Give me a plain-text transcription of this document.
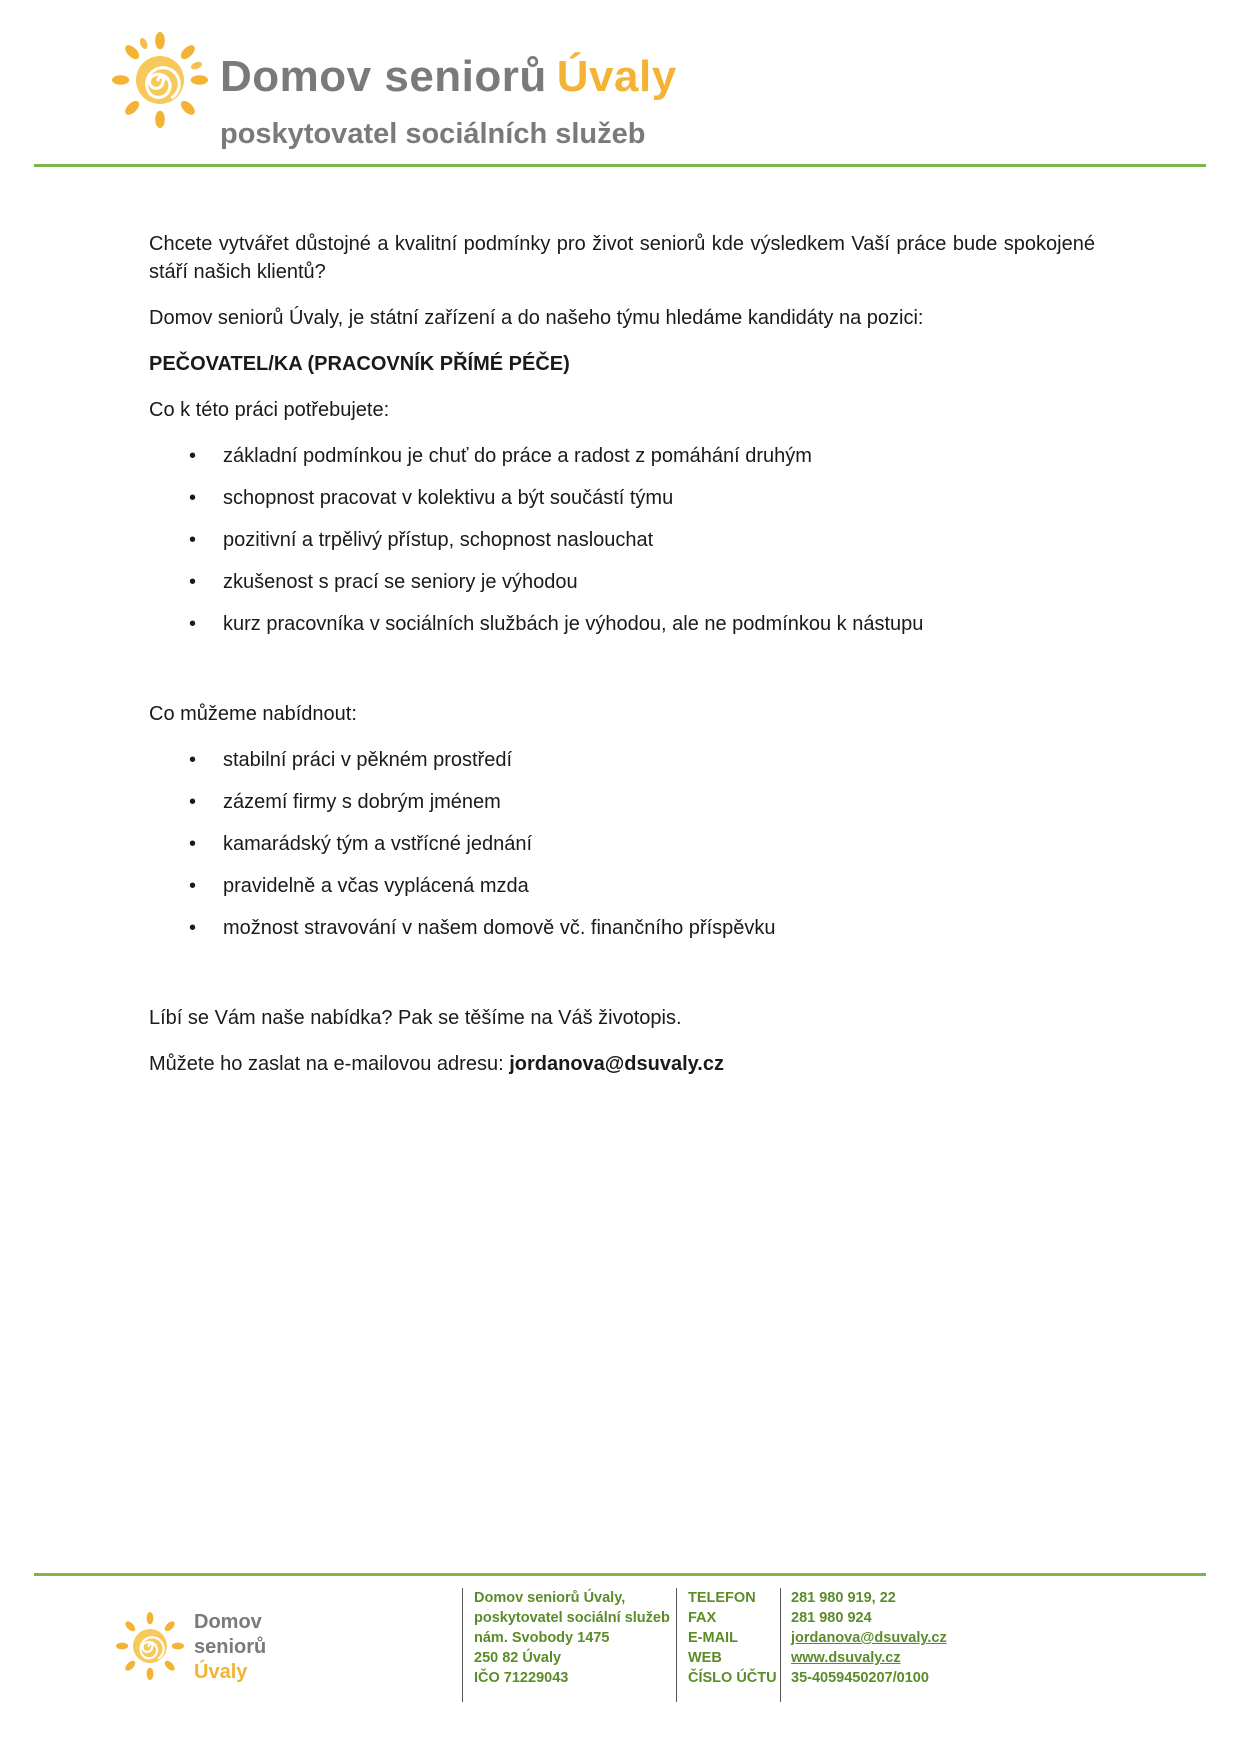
Domov seniorů Úvaly
poskytovatel sociálních služeb

Chcete vytvářet důstojné a kvalitní podmínky pro život seniorů kde výsledkem Vaší práce bude spokojené stáří našich klientů?

Domov seniorů Úvaly, je státní zařízení a do našeho týmu hledáme kandidáty na pozici:

PEČOVATEL/KA (PRACOVNÍK PŘÍMÉ PÉČE)

Co k této práci potřebujete:

• základní podmínkou je chuť do práce a radost z pomáhání druhým
• schopnost pracovat v kolektivu a být součástí týmu
• pozitivní a trpělivý přístup, schopnost naslouchat
• zkušenost s prací se seniory je výhodou
• kurz pracovníka v sociálních službách je výhodou, ale ne podmínkou k nástupu

Co můžeme nabídnout:

• stabilní práci v pěkném prostředí
• zázemí firmy s dobrým jménem
• kamarádský tým a vstřícné jednání
• pravidelně a včas vyplácená mzda
• možnost stravování v našem domově vč. finančního příspěvku

Líbí se Vám naše nabídka? Pak se těšíme na Váš životopis.

Můžete ho zaslat na e-mailovou adresu: jordanova@dsuvaly.cz

Domov
seniorů
Úvaly
Domov seniorů Úvaly,
poskytovatel sociální služeb
nám. Svobody 1475
250 82 Úvaly
IČO 71229043
TELEFON
FAX
E-MAIL
WEB
ČÍSLO ÚČTU
281 980 919, 22
281 980 924
jordanova@dsuvaly.cz
www.dsuvaly.cz
35-4059450207/0100
